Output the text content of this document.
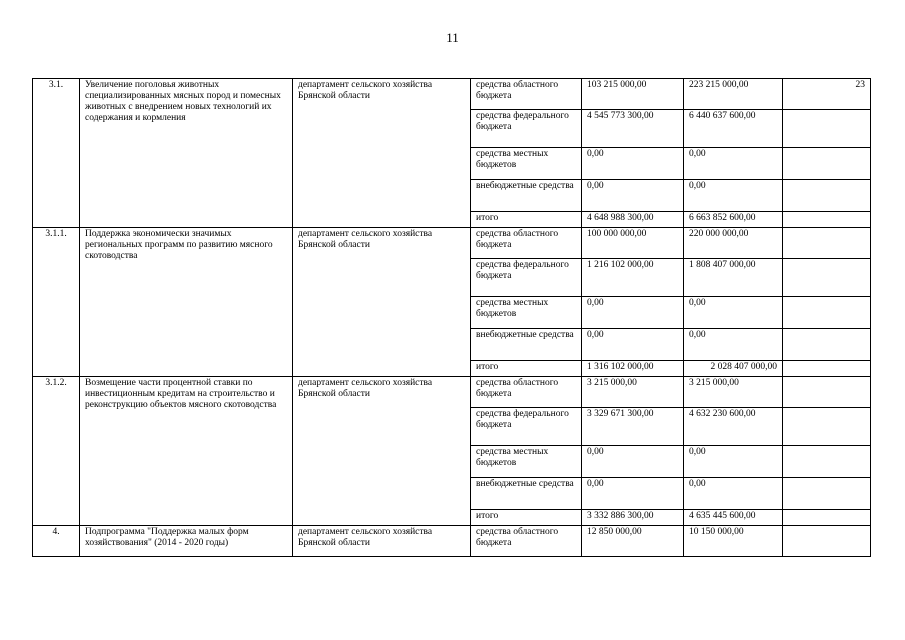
11
3.1.	Увеличение поголовья животных специализированных мясных пород и помесных животных с внедрением новых технологий их содержания и кормления	департамент сельского хозяйства Брянской области	средства областного бюджета	103 215 000,00	223 215 000,00	23
			средства федерального бюджета	4 545 773 300,00	6 440 637 600,00	
			средства местных бюджетов	0,00	0,00	
			внебюджетные средства	0,00	0,00	
			итого	4 648 988 300,00	6 663 852 600,00	
3.1.1.	Поддержка экономически значимых региональных программ по развитию мясного скотоводства	департамент сельского хозяйства Брянской области	средства областного бюджета	100 000 000,00	220 000 000,00	
			средства федерального бюджета	1 216 102 000,00	1 808 407 000,00	
			средства местных бюджетов	0,00	0,00	
			внебюджетные средства	0,00	0,00	
			итого	1 316 102 000,00	2 028 407 000,00	
3.1.2.	Возмещение части процентной ставки по инвестиционным кредитам на строительство и реконструкцию объектов мясного скотоводства	департамент сельского хозяйства Брянской области	средства областного бюджета	3 215 000,00	3 215 000,00	
			средства федерального бюджета	3 329 671 300,00	4 632 230 600,00	
			средства местных бюджетов	0,00	0,00	
			внебюджетные средства	0,00	0,00	
			итого	3 332 886 300,00	4 635 445 600,00	
4.	Подпрограмма "Поддержка малых форм хозяйствования" (2014 - 2020 годы)	департамент сельского хозяйства Брянской области	средства областного бюджета	12 850 000,00	10 150 000,00	
